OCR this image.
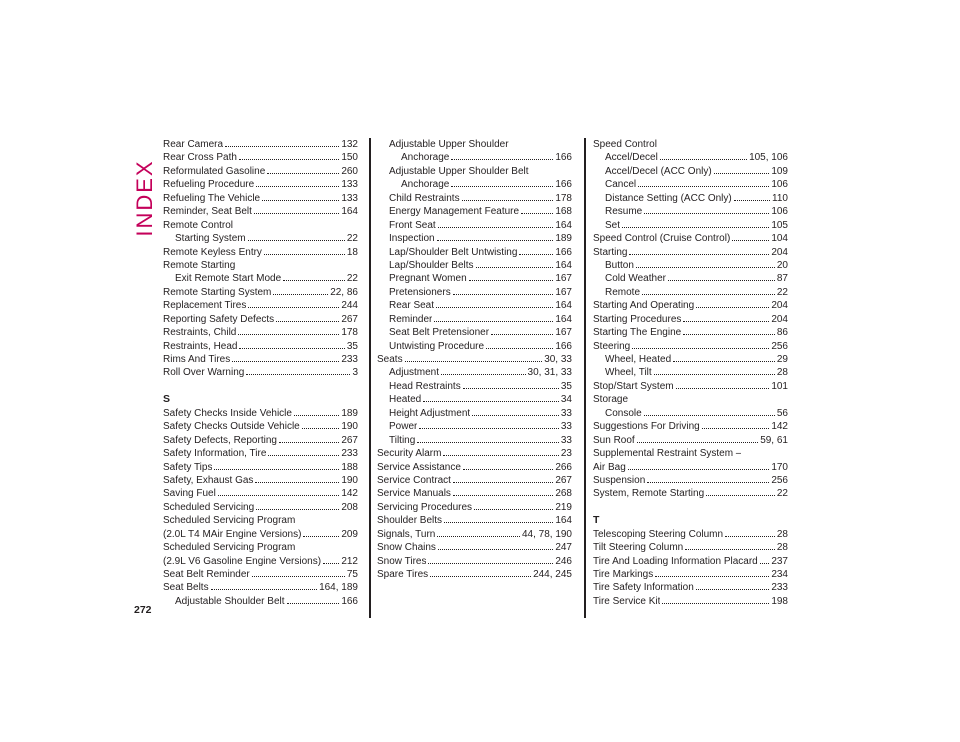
INDEX
272
Rear Camera	132
Rear Cross Path	150
Reformulated Gasoline	260
Refueling Procedure	133
Refueling The Vehicle	133
Reminder, Seat Belt	164
Remote Control
Starting System	22
Remote Keyless Entry	18
Remote Starting
Exit Remote Start Mode	22
Remote Starting System	22, 86
Replacement Tires	244
Reporting Safety Defects	267
Restraints, Child	178
Restraints, Head	35
Rims And Tires	233
Roll Over Warning	3
S
Safety Checks Inside Vehicle	189
Safety Checks Outside Vehicle	190
Safety Defects, Reporting	267
Safety Information, Tire	233
Safety Tips	188
Safety, Exhaust Gas	190
Saving Fuel	142
Scheduled Servicing	208
Scheduled Servicing Program
(2.0L T4 MAir Engine Versions)	209
Scheduled Servicing Program
(2.9L V6 Gasoline Engine Versions) 212
Seat Belt Reminder	75
Seat Belts	164, 189
Adjustable Shoulder Belt	166
Adjustable Upper Shoulder
Anchorage	166
Adjustable Upper Shoulder Belt
Anchorage	166
Child Restraints	178
Energy Management Feature	168
Front Seat	164
Inspection	189
Lap/Shoulder Belt Untwisting	166
Lap/Shoulder Belts	164
Pregnant Women	167
Pretensioners	167
Rear Seat	164
Reminder	164
Seat Belt Pretensioner	167
Untwisting Procedure	166
Seats	30, 33
Adjustment	30, 31, 33
Head Restraints	35
Heated	34
Height Adjustment	33
Power	33
Tilting	33
Security Alarm	23
Service Assistance	266
Service Contract	267
Service Manuals	268
Servicing Procedures	219
Shoulder Belts	164
Signals, Turn	44, 78, 190
Snow Chains	247
Snow Tires	246
Spare Tires	244, 245
Speed Control
Accel/Decel	105, 106
Accel/Decel (ACC Only)	109
Cancel	106
Distance Setting (ACC Only)	110
Resume	106
Set	105
Speed Control (Cruise Control)	104
Starting	204
Button	20
Cold Weather	87
Remote	22
Starting And Operating	204
Starting Procedures	204
Starting The Engine	86
Steering	256
Wheel, Heated	29
Wheel, Tilt	28
Stop/Start System	101
Storage
Console	56
Suggestions For Driving	142
Sun Roof	59, 61
Supplemental Restraint System –
Air Bag	170
Suspension	256
System, Remote Starting	22
T
Telescoping Steering Column	28
Tilt Steering Column	28
Tire And Loading Information Placard 237
Tire Markings	234
Tire Safety Information	233
Tire Service Kit	198
